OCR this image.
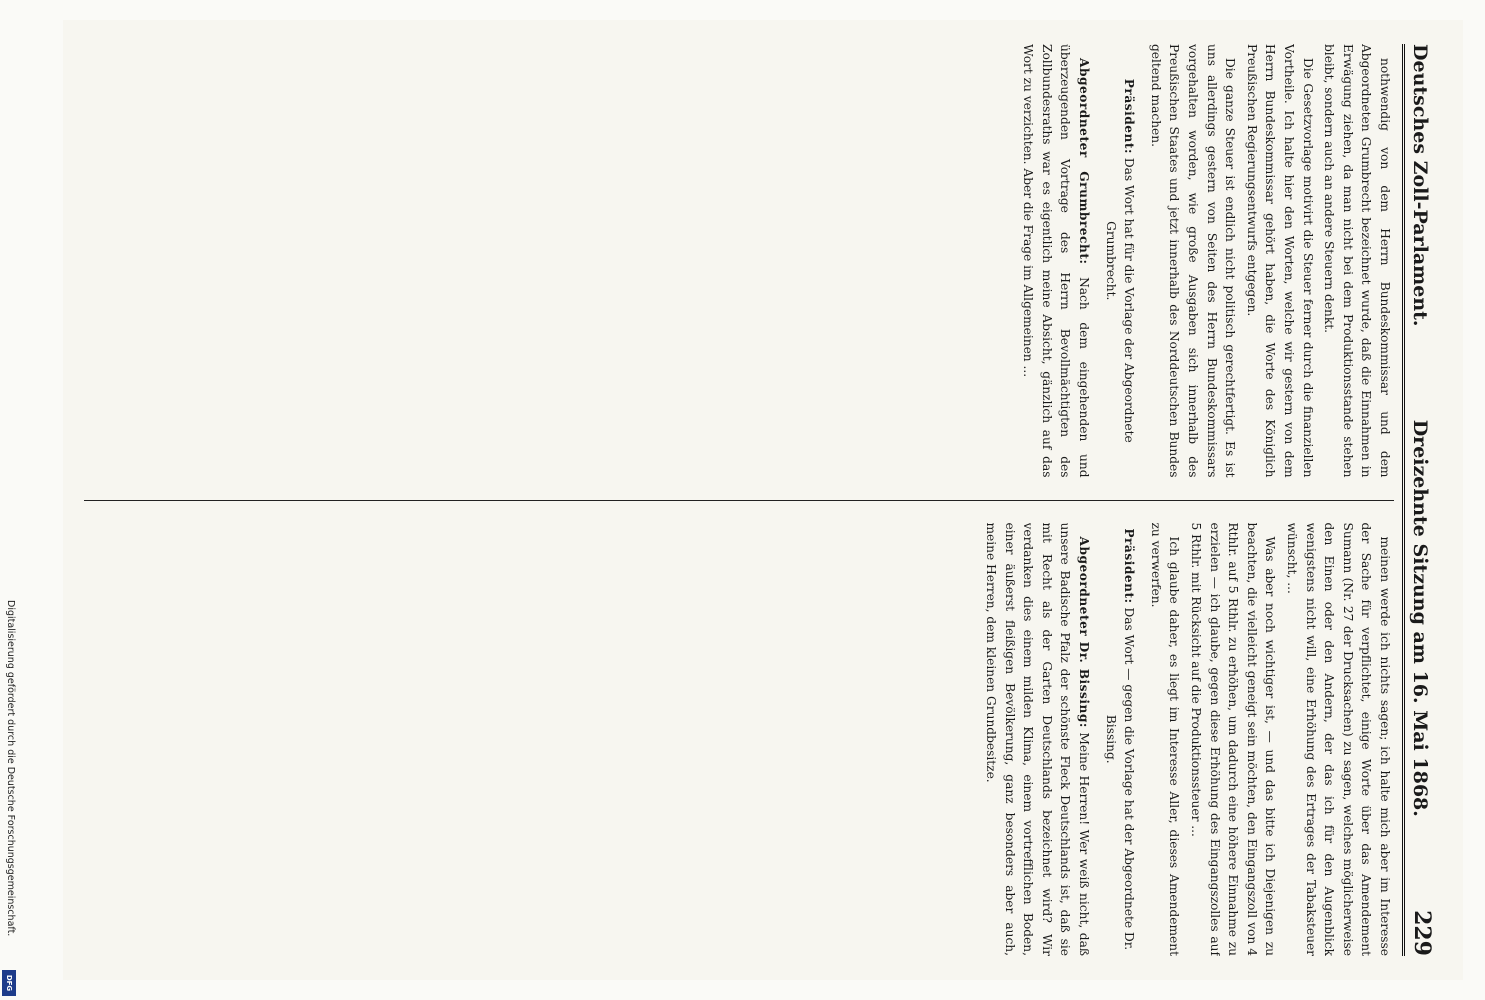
Deutsches Zoll-Parlament.
Dreizehnte Sitzung am 16. Mai 1868.
229

nothwendig von dem Herrn Bundeskommissar und dem Abgeordneten Grumbrecht bezeichnet wurde, daß die Einnahmen in Erwägung ziehen, da man nicht bei dem Produktionsstande stehen bleibt, sondern auch an andere Steuern denkt.

Die Gesetzvorlage motivirt die Steuer ferner durch die finanziellen Vortheile. Ich halte hier den Worten, welche wir gestern von dem Herrn Bundeskommissar gehört haben, die Worte des Königlich Preußischen Regierungsentwurfs entgegen.

Die ganze Steuer ist endlich nicht politisch gerechtfertigt. Es ist uns allerdings gestern von Seiten des Herrn Bundeskommissars vorgehalten worden, wie große Ausgaben sich innerhalb des Preußischen Staates und jetzt innerhalb des Norddeutschen Bundes geltend machen.

Präsident: Das Wort hat für die Vorlage der Abgeordnete Grumbrecht.

Abgeordneter Grumbrecht: Nach dem eingehenden und überzeugenden Vortrage des Herrn Bevollmächtigten des Zollbundesraths war es eigentlich meine Absicht, gänzlich auf das Wort zu verzichten. Aber die Frage im Allgemeinen ...

meinen werde ich nichts sagen; ich halte mich aber im Interesse der Sache für verpflichtet, einige Worte über das Amendement Sumann (Nr. 27 der Drucksachen) zu sagen, welches möglicherweise den Einen oder den Andern, der das ich für den Augenblick wenigstens nicht will, eine Erhöhung des Ertrages der Tabaksteuer wünscht, ...

Was aber noch wichtiger ist, — und das bitte ich Diejenigen zu beachten, die vielleicht geneigt sein möchten, den Eingangszoll von 4 Rthlr. auf 5 Rthlr. zu erhöhen, um dadurch eine höhere Einnahme zu erzielen — ich glaube, gegen diese Erhöhung des Eingangszolles auf 5 Rthlr. mit Rücksicht auf die Produktionssteuer ...

Ich glaube daher, es liegt im Interesse Aller, dieses Amendement zu verwerfen.

Präsident: Das Wort — gegen die Vorlage hat der Abgeordnete Dr. Bissing.

Abgeordneter Dr. Bissing: Meine Herren! Wer weiß nicht, daß unsere Badische Pfalz der schönste Fleck Deutschlands ist, daß sie mit Recht als der Garten Deutschlands bezeichnet wird? Wir verdanken dies einem milden Klima, einem vortrefflichen Boden, einer äußerst fleißigen Bevölkerung, ganz besonders aber auch, meine Herren, dem kleinen Grundbesitze.

Digitalisierung gefördert durch die Deutsche Forschungsgemeinschaft.
DFG
